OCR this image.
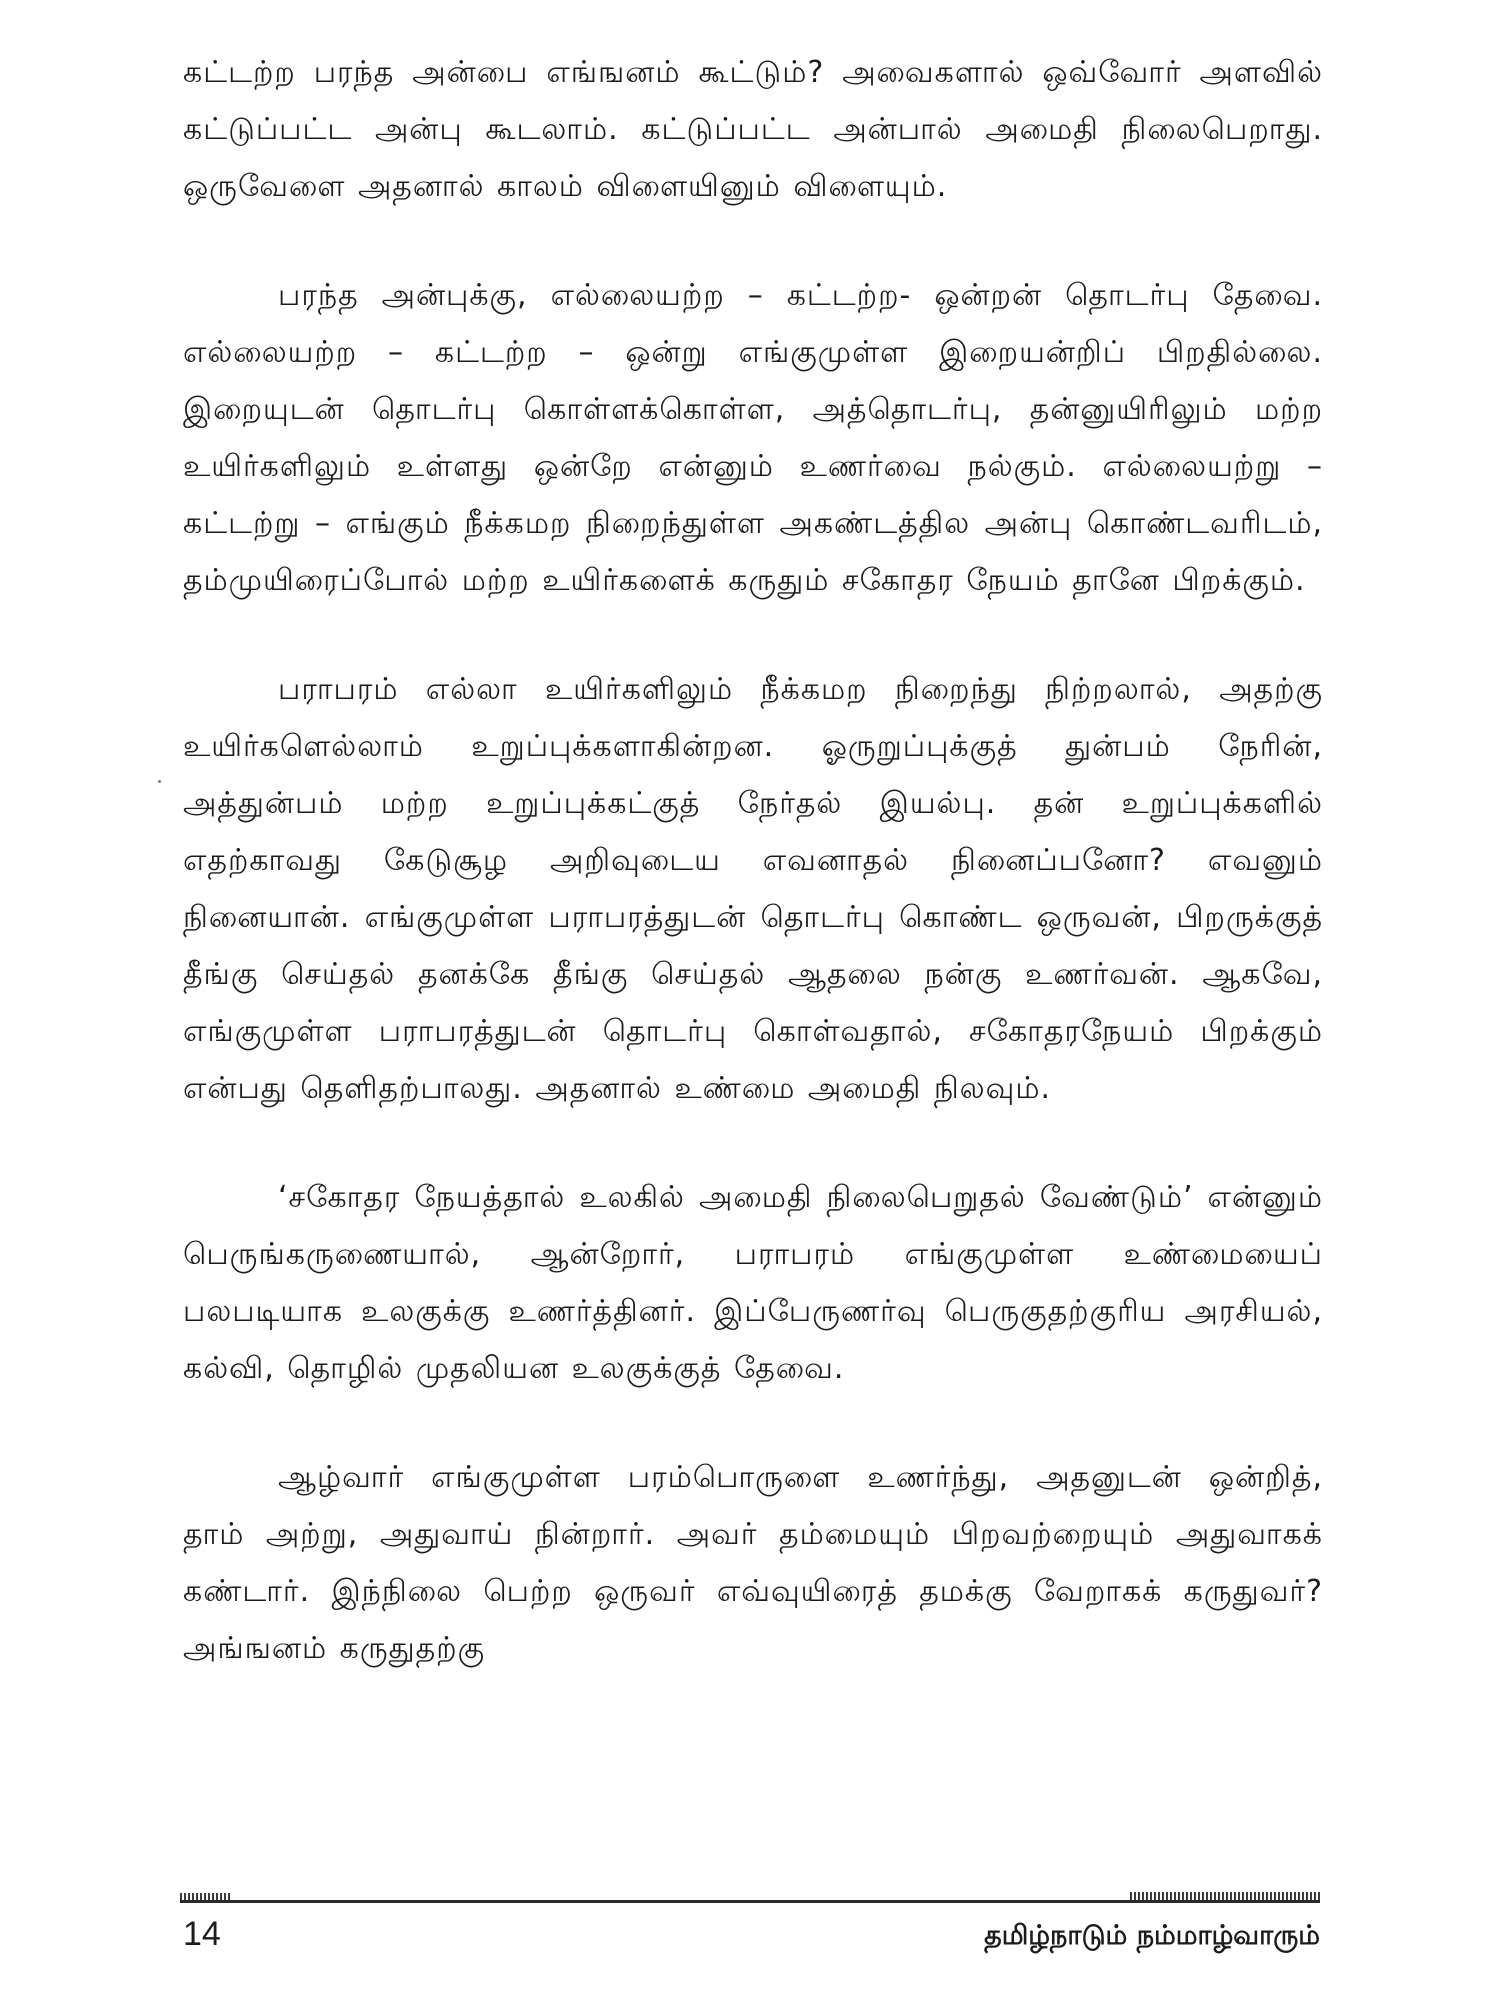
கட்டற்ற பரந்த அன்பை எங்ஙனம் கூட்டும்? அவைகளால் ஒவ்வோர் அளவில் கட்டுப்பட்ட அன்பு கூடலாம். கட்டுப்பட்ட அன்பால் அமைதி நிலைபெறாது. ஒருவேளை அதனால் காலம் விளையினும் விளையும்.

பரந்த அன்புக்கு, எல்லையற்ற – கட்டற்ற- ஒன்றன் தொடர்பு தேவை. எல்லையற்ற – கட்டற்ற – ஒன்று எங்குமுள்ள இறையன்றிப் பிறதில்லை. இறையுடன் தொடர்பு கொள்ளக்கொள்ள, அத்தொடர்பு, தன்னுயிரிலும் மற்ற உயிர்களிலும் உள்ளது ஒன்றே என்னும் உணர்வை நல்கும். எல்லையற்று – கட்டற்று – எங்கும் நீக்கமற நிறைந்துள்ள அகண்டத்தில அன்பு கொண்டவரிடம், தம்முயிரைப்போல் மற்ற உயிர்களைக் கருதும் சகோதர நேயம் தானே பிறக்கும்.

பராபரம் எல்லா உயிர்களிலும் நீக்கமற நிறைந்து நிற்றலால், அதற்கு உயிர்களெல்லாம் உறுப்புக்களாகின்றன. ஓருறுப்புக்குத் துன்பம் நேரின், அத்துன்பம் மற்ற உறுப்புக்கட்குத் நேர்தல் இயல்பு. தன் உறுப்புக்களில் எதற்காவது கேடுசூழ அறிவுடைய எவனாதல் நினைப்பனோ? எவனும் நினையான். எங்குமுள்ள பராபரத்துடன் தொடர்பு கொண்ட ஒருவன், பிறருக்குத் தீங்கு செய்தல் தனக்கே தீங்கு செய்தல் ஆதலை நன்கு உணர்வன். ஆகவே, எங்குமுள்ள பராபரத்துடன் தொடர்பு கொள்வதால், சகோதரநேயம் பிறக்கும் என்பது தெளிதற்பாலது. அதனால் உண்மை அமைதி நிலவும்.

‘சகோதர நேயத்தால் உலகில் அமைதி நிலைபெறுதல் வேண்டும்’ என்னும் பெருங்கருணையால், ஆன்றோர், பராபரம் எங்குமுள்ள உண்மையைப் பலபடியாக உலகுக்கு உணர்த்தினர். இப்பேருணர்வு பெருகுதற்குரிய அரசியல், கல்வி, தொழில் முதலியன உலகுக்குத் தேவை.

ஆழ்வார் எங்குமுள்ள பரம்பொருளை உணர்ந்து, அதனுடன் ஒன்றித், தாம் அற்று, அதுவாய் நின்றார். அவர் தம்மையும் பிறவற்றையும் அதுவாகக் கண்டார். இந்நிலை பெற்ற ஒருவர் எவ்வுயிரைத் தமக்கு வேறாகக் கருதுவர்? அங்ஙனம் கருதுதற்கு

14	தமிழ்நாடும் நம்மாழ்வாரும்
